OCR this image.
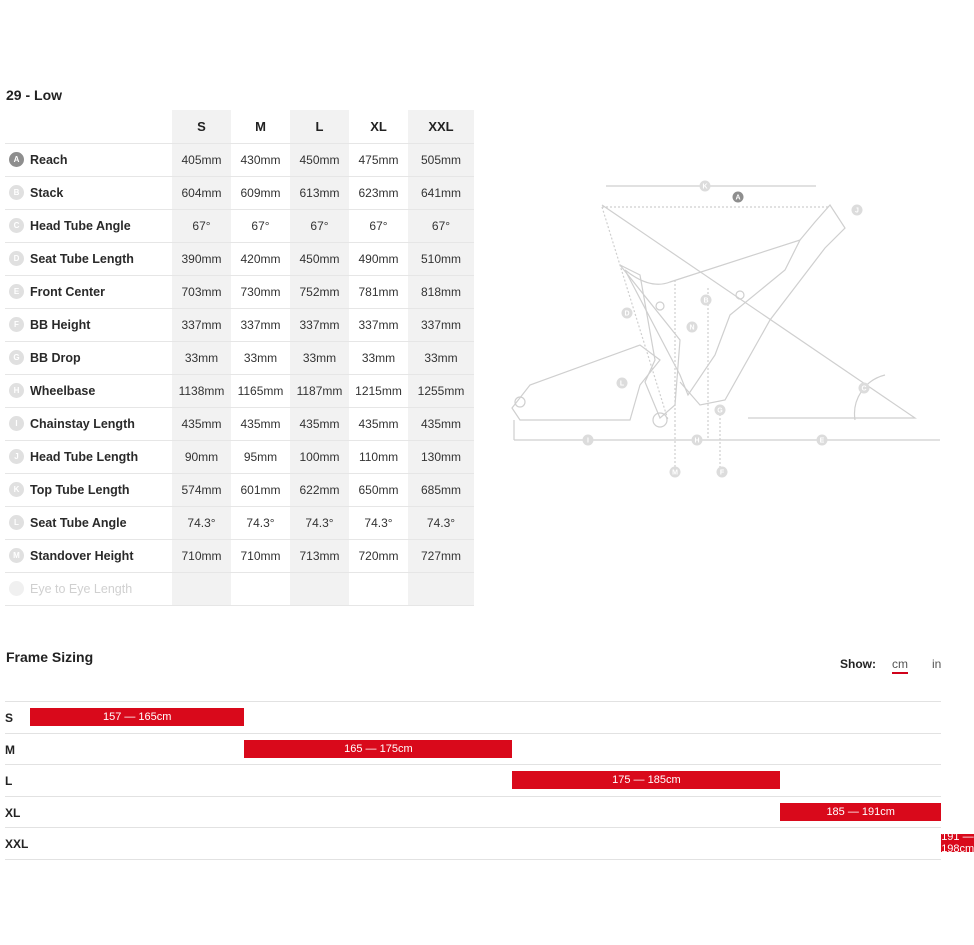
29 - Low
	S	M	L	XL	XXL

A Reach	405mm	430mm	450mm	475mm	505mm

B Stack	604mm	609mm	613mm	623mm	641mm

C Head Tube Angle	67°	67°	67°	67°	67°

D Seat Tube Length	390mm	420mm	450mm	490mm	510mm

E Front Center	703mm	730mm	752mm	781mm	818mm

F BB Height	337mm	337mm	337mm	337mm	337mm

G BB Drop	33mm	33mm	33mm	33mm	33mm

H Wheelbase	1138mm	1165mm	1187mm	1215mm	1255mm

I Chainstay Length	435mm	435mm	435mm	435mm	435mm

J Head Tube Length	90mm	95mm	100mm	110mm	130mm

K Top Tube Length	574mm	601mm	622mm	650mm	685mm

L Seat Tube Angle	74.3°	74.3°	74.3°	74.3°	74.3°

M Standover Height	710mm	710mm	713mm	720mm	727mm

Eye to Eye Length					

K
A
J
B
N
D
L
C
I	H	E
G
M	F
Frame Sizing	Show: cm in
S	157 — 165cm
M	165 — 175cm
L	175 — 185cm
XL	185 — 191cm
XXL	191 — 198cm
